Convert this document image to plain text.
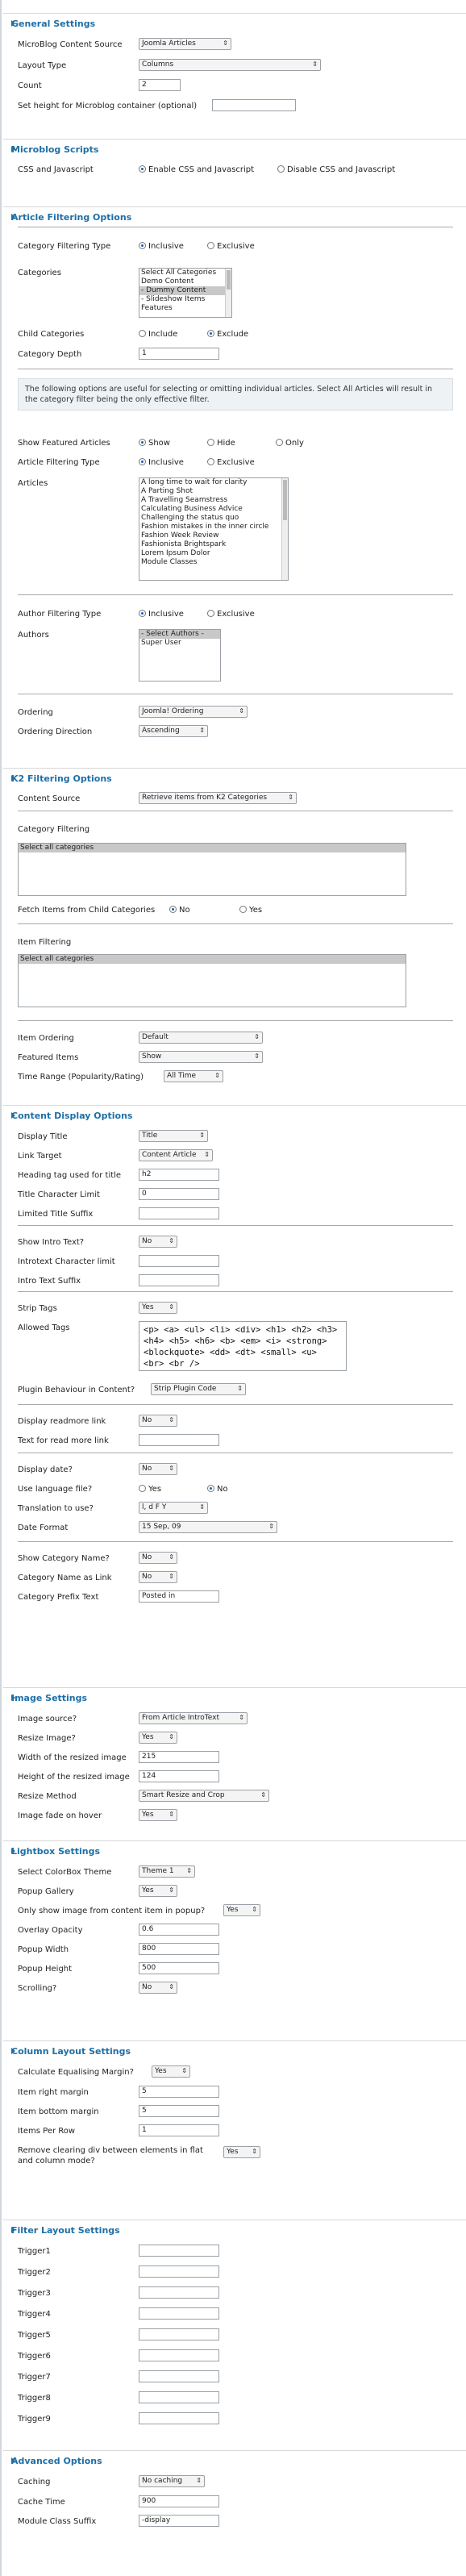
General Settings
MicroBlog Content Source	Joomla Articles	⇕
Layout Type	Columns	⇕
Count	2
Set height for Microblog container (optional)
Microblog Scripts
CSS and Javascript	Enable CSS and Javascript	Disable CSS and Javascript
Article Filtering Options
Category Filtering Type	Inclusive	Exclusive
Categories	Select All Categories
Demo Content
- Dummy Content
- Slideshow Items
Features
Child Categories	Include	Exclude
Category Depth	1
The following options are useful for selecting or omitting individual articles. Select All Articles will result in the category filter being the only effective filter.
Show Featured Articles	Show	Hide	Only
Article Filtering Type	Inclusive	Exclusive
Articles	A long time to wait for clarity
A Parting Shot
A Travelling Seamstress
Calculating Business Advice
Challenging the status quo
Fashion mistakes in the inner circle
Fashion Week Review
Fashionista Brightspark
Lorem Ipsum Dolor
Module Classes
Author Filtering Type	Inclusive	Exclusive
Authors	- Select Authors -
Super User
Ordering	Joomla! Ordering	⇕
Ordering Direction	Ascending	⇕
K2 Filtering Options
Content Source	Retrieve items from K2 Categories	⇕
Category Filtering
Select all categories
Fetch Items from Child Categories	No	Yes
Item Filtering
Select all categories
Item Ordering	Default	⇕
Featured Items	Show	⇕
Time Range (Popularity/Rating)	All Time	⇕
Content Display Options
Display Title	Title	⇕
Link Target	Content Article ⇕
Heading tag used for title	h2
Title Character Limit	0
Limited Title Suffix
Show Intro Text?	No	⇕
Introtext Character limit
Intro Text Suffix
Strip Tags	Yes ⇕
Allowed Tags	<p> <a> <ul> <li> <div> <h1> <h2> <h3> <h4> <h5> <h6> <b> <em> <i> <strong> <blockquote> <dd> <dt> <small> <u> <br> <br />
Plugin Behaviour in Content?	Strip Plugin Code	⇕
Display readmore link	No	⇕
Text for read more link
Display date?	No	⇕
Use language file?	Yes	No
Translation to use?	l, d F Y	⇕
Date Format	15 Sep, 09	⇕
Show Category Name?	No	⇕
Category Name as Link	No	⇕
Category Prefix Text	Posted in
Image Settings
Image source?	From Article IntroText	⇕
Resize Image?	Yes ⇕
Width of the resized image	215
Height of the resized image	124
Resize Method	Smart Resize and Crop	⇕
Image fade on hover	Yes ⇕
Lightbox Settings
Select ColorBox Theme	Theme 1 ⇕
Popup Gallery	Yes ⇕
Only show image from content item in popup?	Yes ⇕
Overlay Opacity	0.6
Popup Width	800
Popup Height	500
Scrolling?	No	⇕
Column Layout Settings
Calculate Equalising Margin?	Yes ⇕
Item right margin	5
Item bottom margin	5
Items Per Row	1
Remove clearing div between elements in flat
and column mode?
Yes ⇕
Filter Layout Settings
Trigger1
Trigger2
Trigger3
Trigger4
Trigger5
Trigger6
Trigger7
Trigger8
Trigger9
Advanced Options
Caching	No caching ⇕
Cache Time	900
Module Class Suffix	-display
